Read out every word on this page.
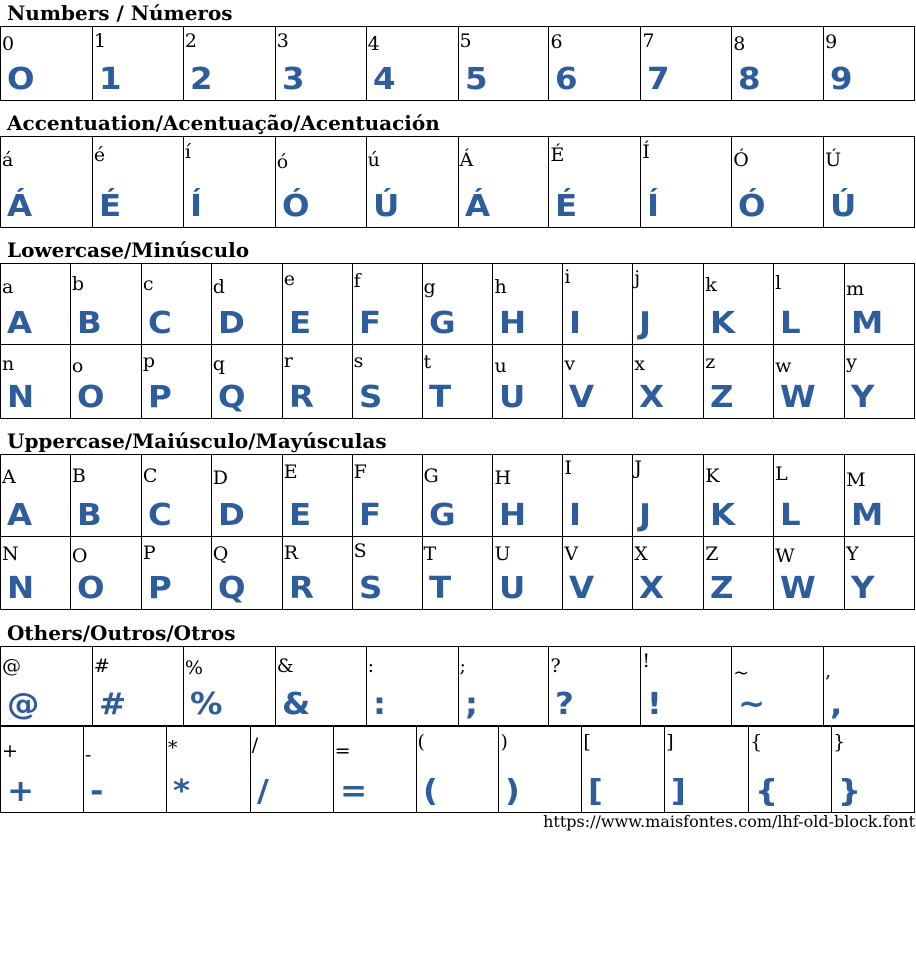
Numbers / Números
Accentuation/Acentuação/Acentuación
Lowercase/Minúsculo
Uppercase/Maiúsculo/Mayúsculas
Others/Outros/Otros
0
O
1
1
2
2
3
3
4
4
5
5
6
6
7
7
8
8
9
9
á
Á
é
É
í
Í
ó
Ó
ú
Ú
Á
Á
É
É
Í
Í
Ó
Ó
Ú
Ú
a
A
b
B
c
C
d
D
e
E
f
F
g
G
h
H
i
I
j
J
k
K
l
L
m
M
n
N
o
O
p
P
q
Q
r
R
s
S
t
T
u
U
v
V
x
X
z
Z
w
W
y
Y
A
A
B
B
C
C
D
D
E
E
F
F
G
G
H
H
I
I
J
J
K
K
L
L
M
M
N
N
O
O
P
P
Q
Q
R
R
S
S
T
T
U
U
V
V
X
X
Z
Z
W
W
Y
Y
@
@
#
#
%
%
&
&
:
:
;
;
?
?
!
!
~
~
,
,
+
+
-
-
*
*
/
/
=
=
(
(
)
)
[
[
]
]
{
{
}
}
https://www.maisfontes.com/lhf-old-block.font
